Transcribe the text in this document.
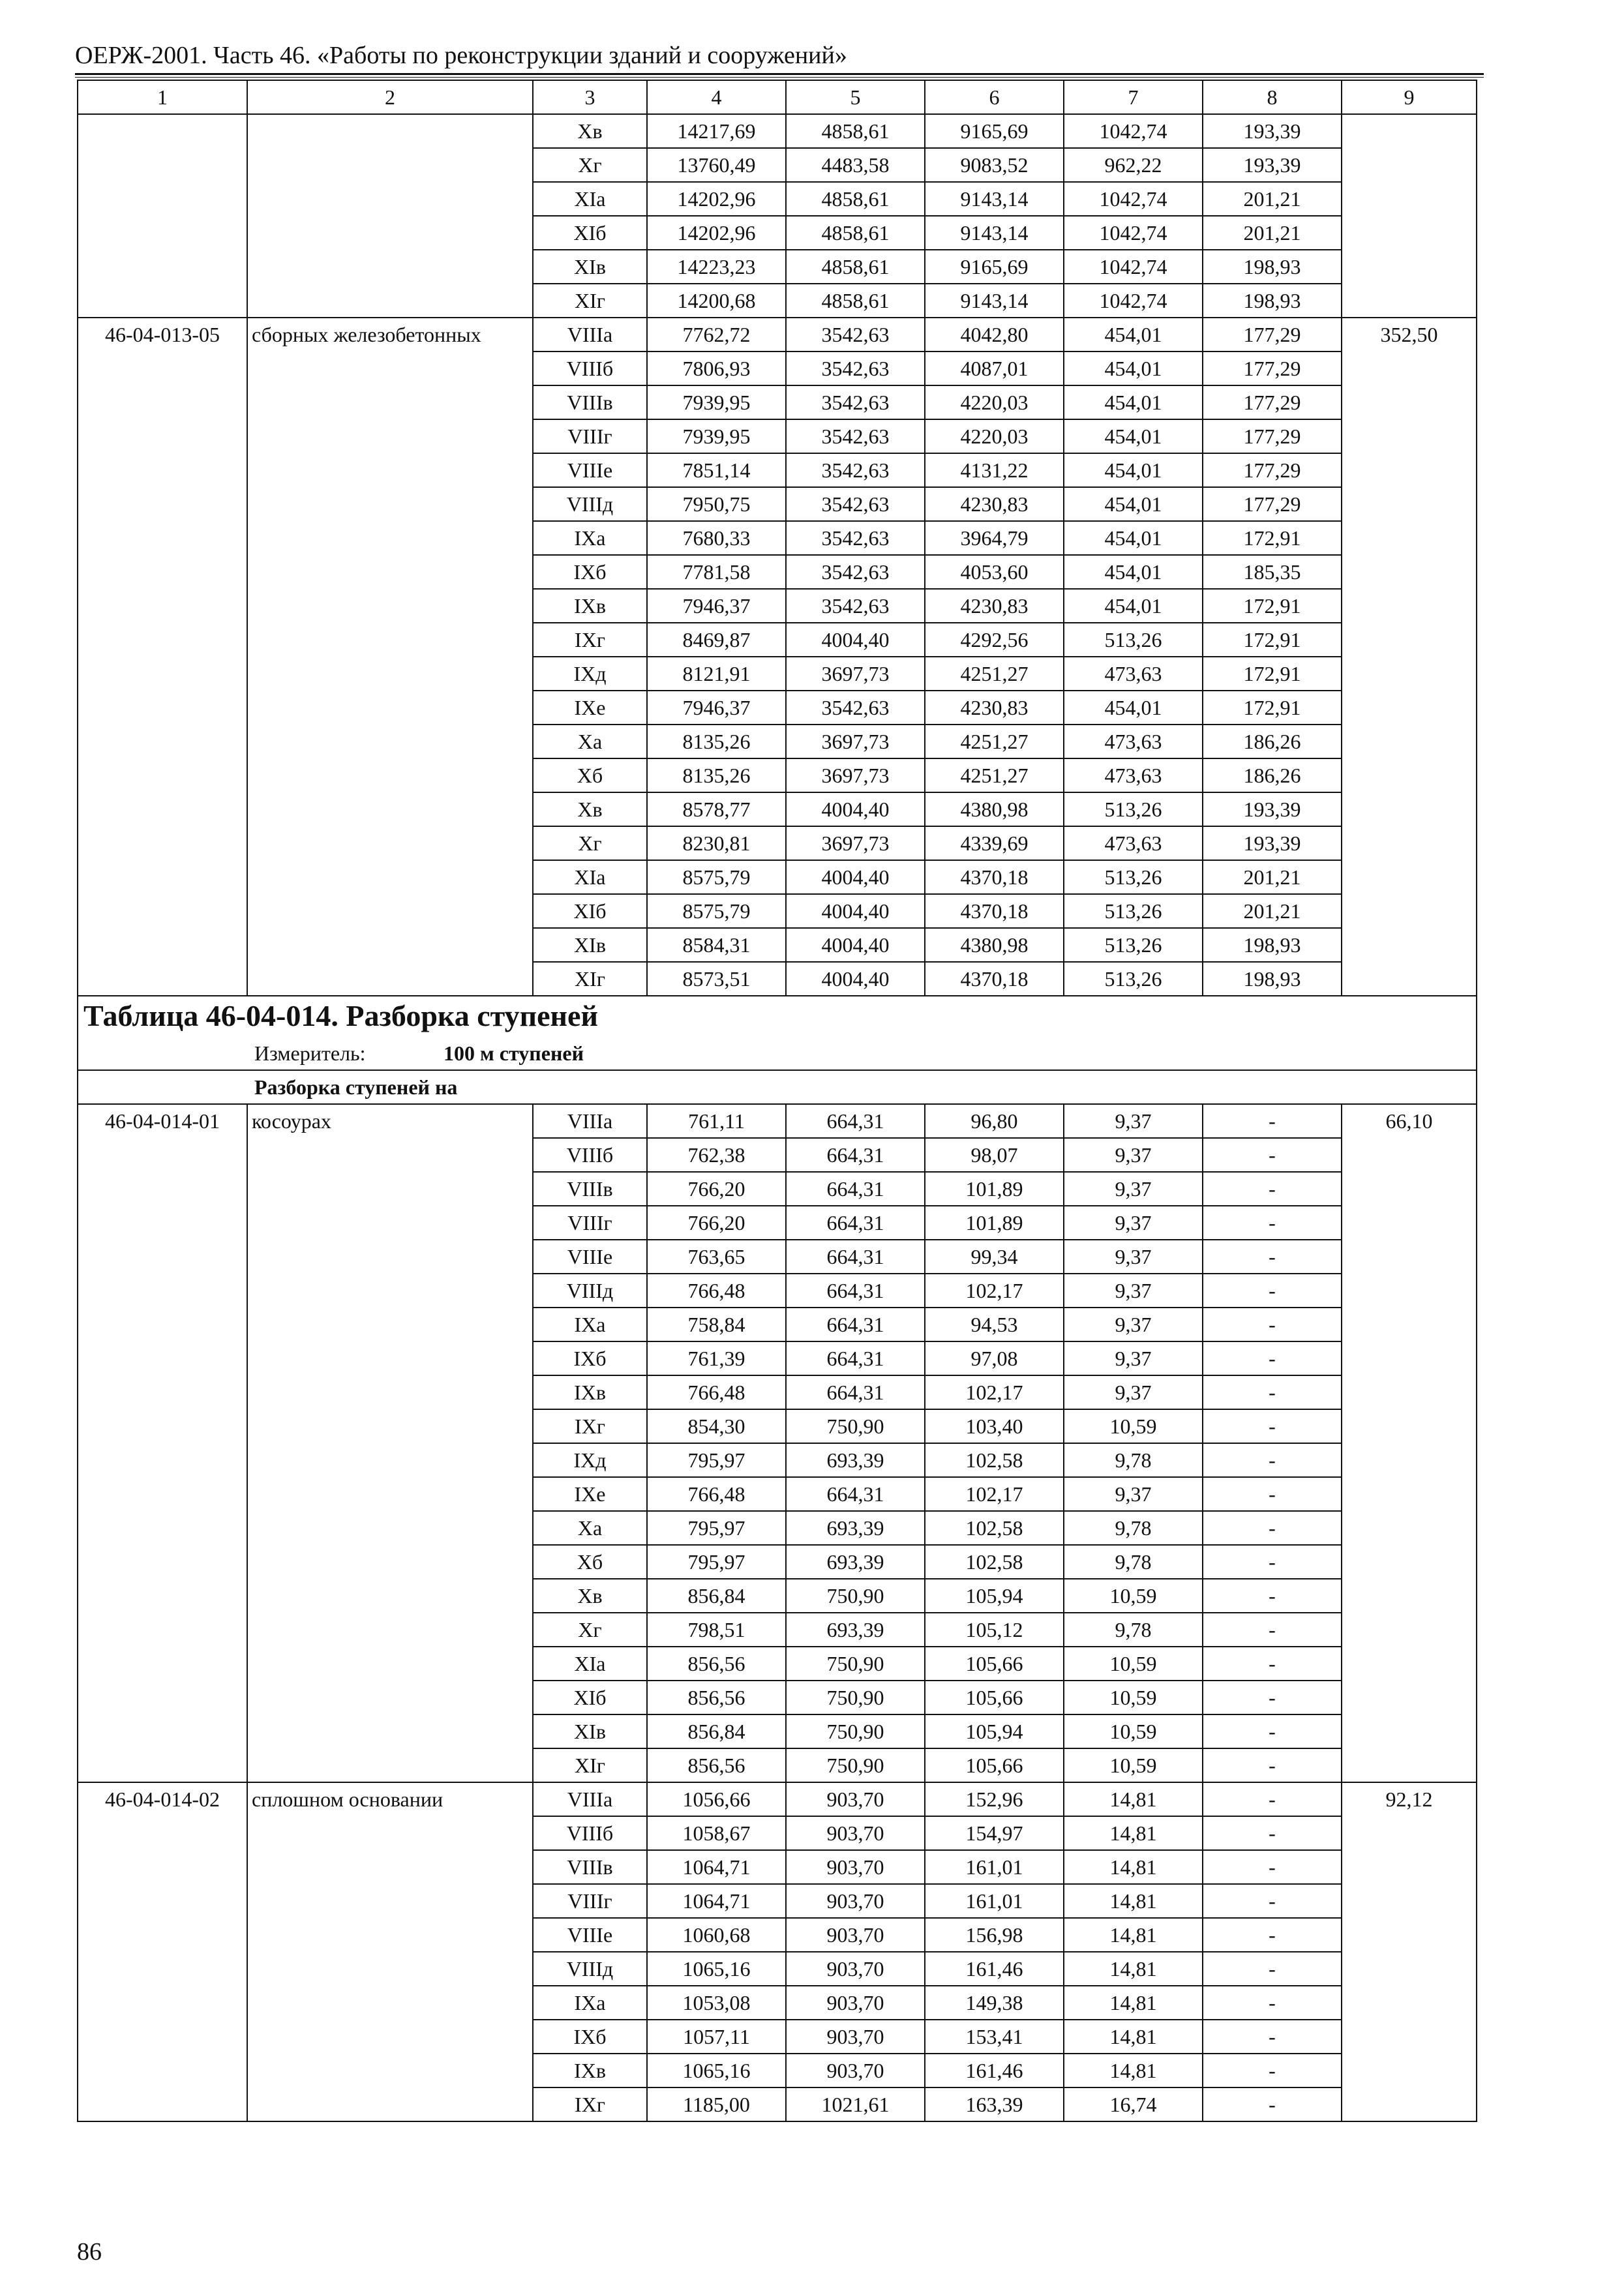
ОЕРЖ-2001. Часть 46. «Работы по реконструкции зданий и сооружений»
1	2	3	4	5	6	7	8	9
		Хв	14217,69	4858,61	9165,69	1042,74	193,39	
		Хг	13760,49	4483,58	9083,52	962,22	193,39	
		XIа	14202,96	4858,61	9143,14	1042,74	201,21	
		XIб	14202,96	4858,61	9143,14	1042,74	201,21	
		XIв	14223,23	4858,61	9165,69	1042,74	198,93	
		XIг	14200,68	4858,61	9143,14	1042,74	198,93	
46-04-013-05	сборных железобетонных	VIIIа	7762,72	3542,63	4042,80	454,01	177,29	352,50
		VIIIб	7806,93	3542,63	4087,01	454,01	177,29	
		VIIIв	7939,95	3542,63	4220,03	454,01	177,29	
		VIIIг	7939,95	3542,63	4220,03	454,01	177,29	
		VIIIе	7851,14	3542,63	4131,22	454,01	177,29	
		VIIIд	7950,75	3542,63	4230,83	454,01	177,29	
		IXа	7680,33	3542,63	3964,79	454,01	172,91	
		IXб	7781,58	3542,63	4053,60	454,01	185,35	
		IXв	7946,37	3542,63	4230,83	454,01	172,91	
		IXг	8469,87	4004,40	4292,56	513,26	172,91	
		IXд	8121,91	3697,73	4251,27	473,63	172,91	
		IXе	7946,37	3542,63	4230,83	454,01	172,91	
		Ха	8135,26	3697,73	4251,27	473,63	186,26	
		Хб	8135,26	3697,73	4251,27	473,63	186,26	
		Хв	8578,77	4004,40	4380,98	513,26	193,39	
		Хг	8230,81	3697,73	4339,69	473,63	193,39	
		XIа	8575,79	4004,40	4370,18	513,26	201,21	
		XIб	8575,79	4004,40	4370,18	513,26	201,21	
		XIв	8584,31	4004,40	4380,98	513,26	198,93	
		XIг	8573,51	4004,40	4370,18	513,26	198,93	

Таблица 46-04-014. Разборка ступеней								

Измеритель: 100 м ступеней								
Разборка ступеней на								
46-04-014-01	косоурах	VIIIа	761,11	664,31	96,80	9,37	-	66,10
		VIIIб	762,38	664,31	98,07	9,37	-	
		VIIIв	766,20	664,31	101,89	9,37	-	
		VIIIг	766,20	664,31	101,89	9,37	-	
		VIIIе	763,65	664,31	99,34	9,37	-	
		VIIIд	766,48	664,31	102,17	9,37	-	
		IXа	758,84	664,31	94,53	9,37	-	
		IXб	761,39	664,31	97,08	9,37	-	
		IXв	766,48	664,31	102,17	9,37	-	
		IXг	854,30	750,90	103,40	10,59	-	
		IXд	795,97	693,39	102,58	9,78	-	
		IXе	766,48	664,31	102,17	9,37	-	
		Ха	795,97	693,39	102,58	9,78	-	
		Хб	795,97	693,39	102,58	9,78	-	
		Хв	856,84	750,90	105,94	10,59	-	
		Хг	798,51	693,39	105,12	9,78	-	
		XIа	856,56	750,90	105,66	10,59	-	
		XIб	856,56	750,90	105,66	10,59	-	
		XIв	856,84	750,90	105,94	10,59	-	
		XIг	856,56	750,90	105,66	10,59	-	
46-04-014-02	сплошном основании	VIIIа	1056,66	903,70	152,96	14,81	-	92,12
		VIIIб	1058,67	903,70	154,97	14,81	-	
		VIIIв	1064,71	903,70	161,01	14,81	-	
		VIIIг	1064,71	903,70	161,01	14,81	-	
		VIIIе	1060,68	903,70	156,98	14,81	-	
		VIIIд	1065,16	903,70	161,46	14,81	-	
		IXа	1053,08	903,70	149,38	14,81	-	
		IXб	1057,11	903,70	153,41	14,81	-	
		IXв	1065,16	903,70	161,46	14,81	-	
		IXг	1185,00	1021,61	163,39	16,74	-	
86
